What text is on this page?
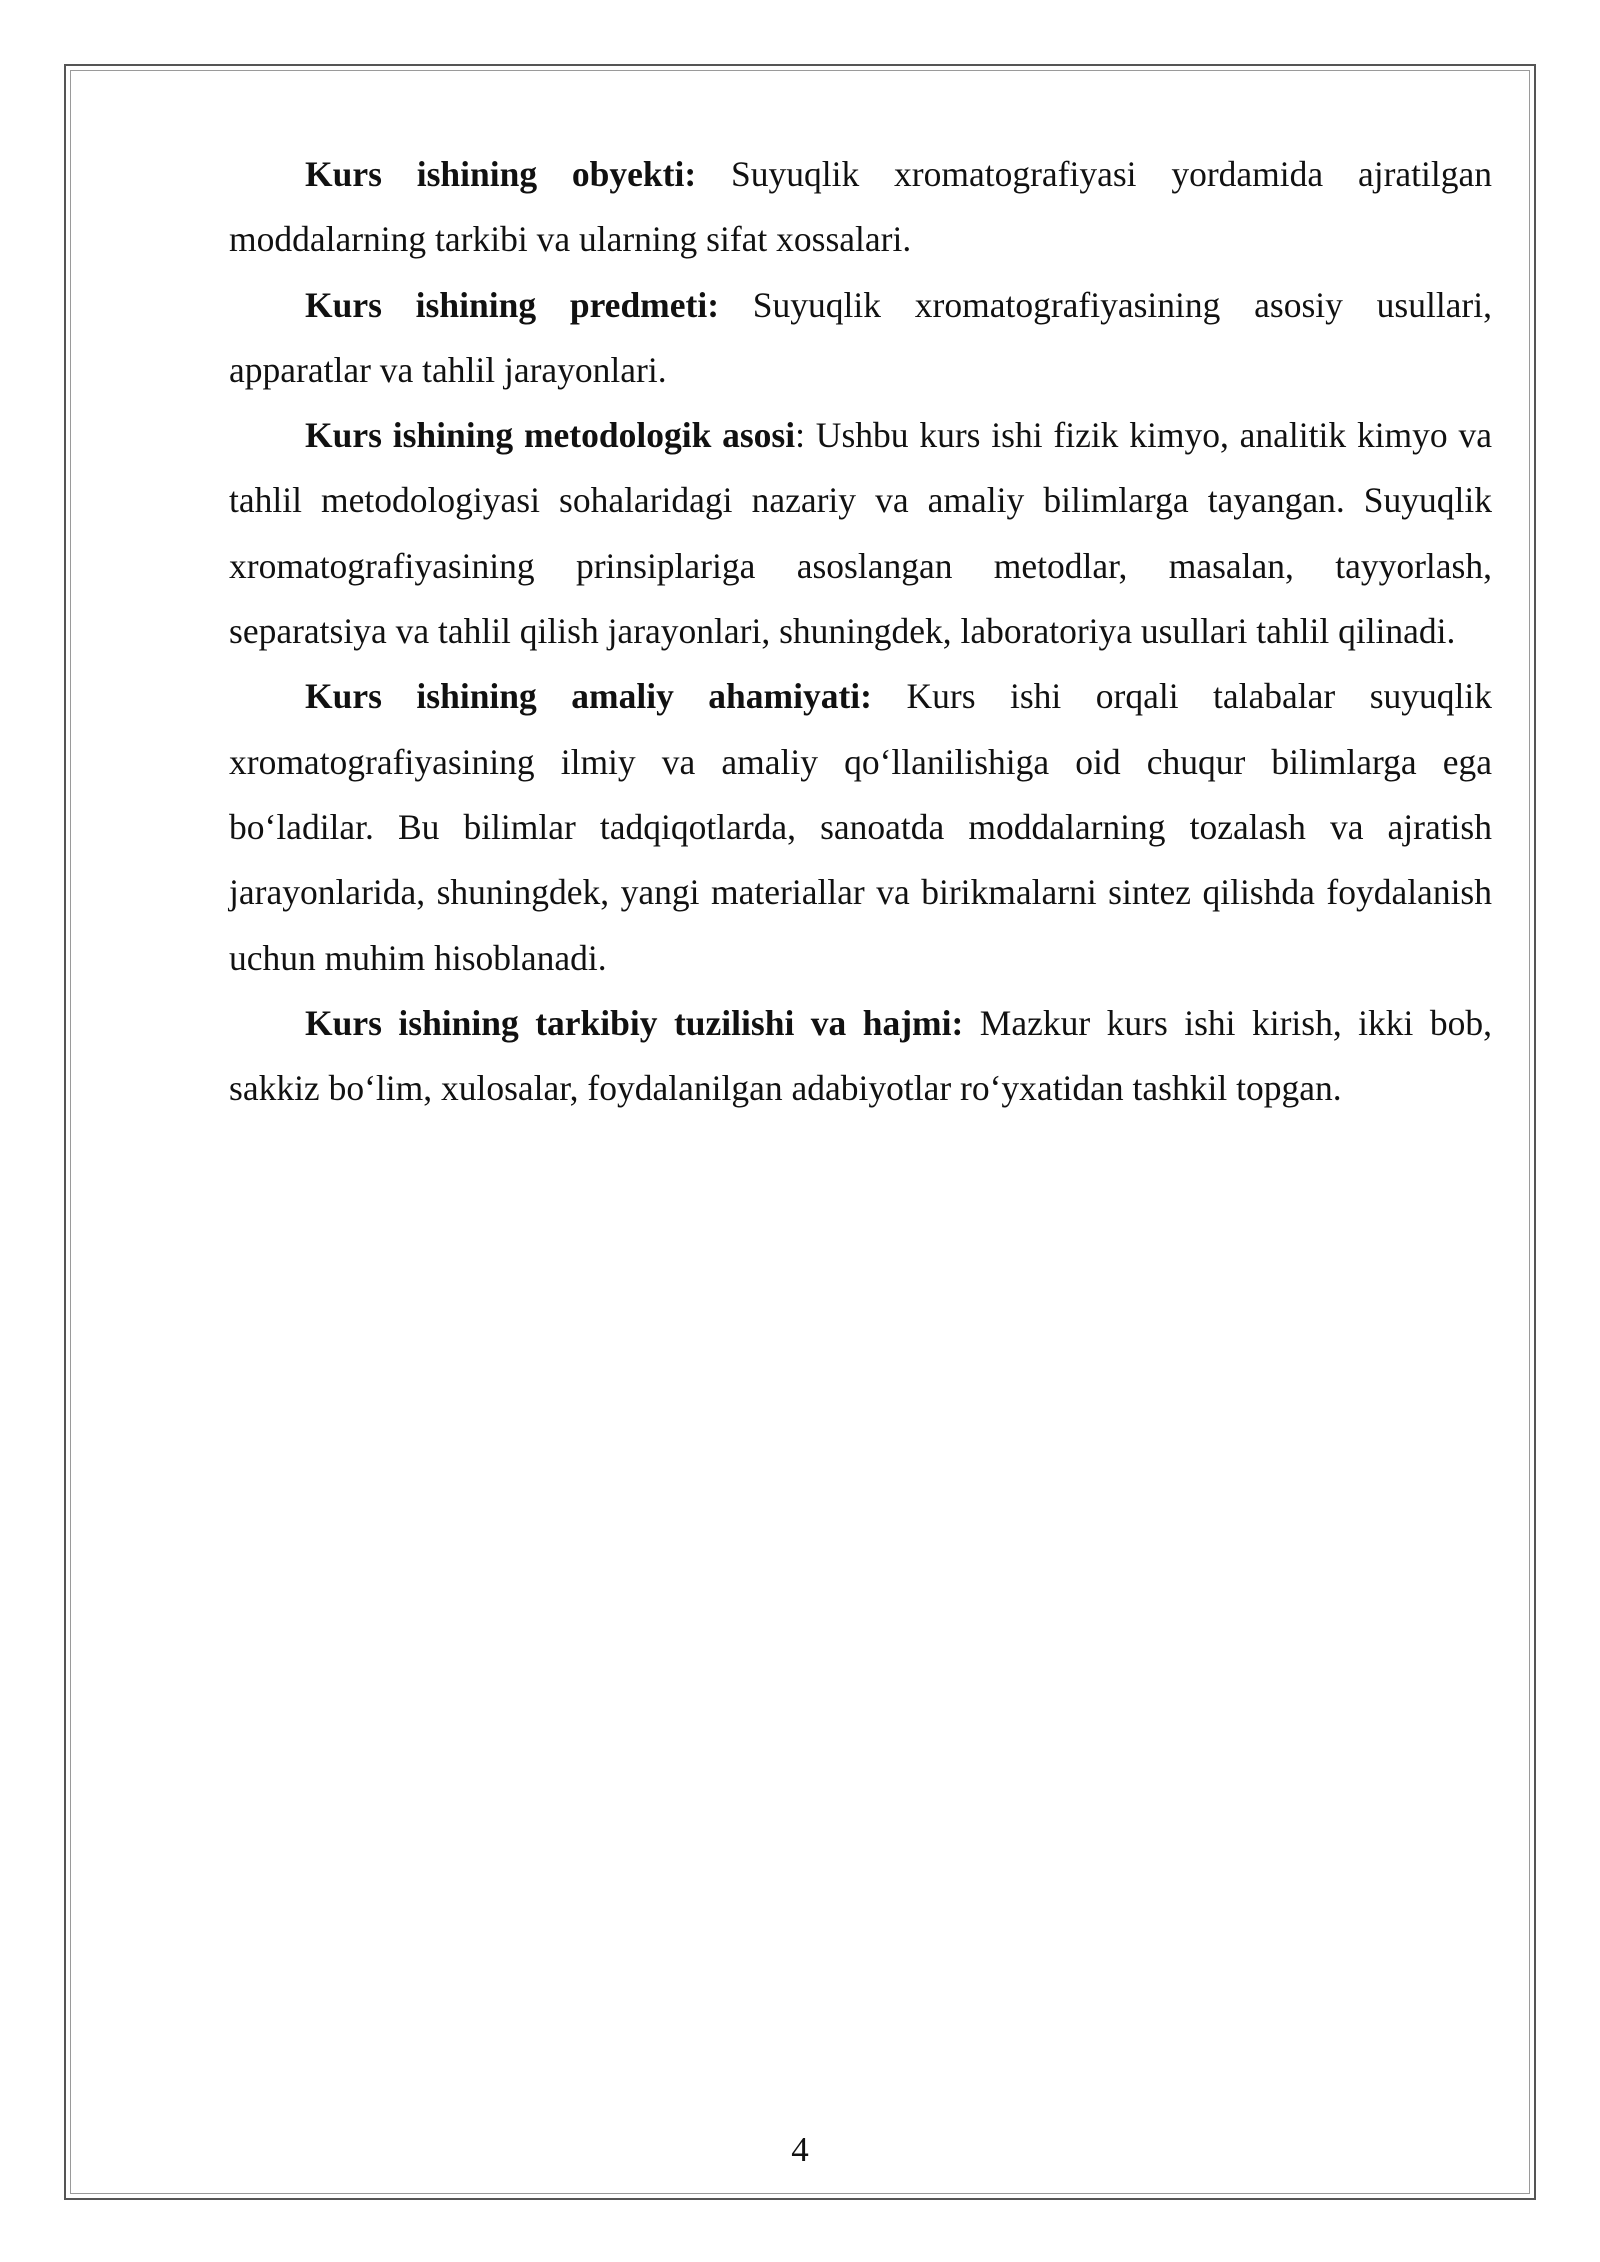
Kurs ishining obyekti: Suyuqlik xromatografiyasi yordamida ajratilgan moddalarning tarkibi va ularning sifat xossalari.

Kurs ishining predmeti: Suyuqlik xromatografiyasining asosiy usullari, apparatlar va tahlil jarayonlari.

Kurs ishining metodologik asosi: Ushbu kurs ishi fizik kimyo, analitik kimyo va tahlil metodologiyasi sohalaridagi nazariy va amaliy bilimlarga tayangan. Suyuqlik xromatografiyasining prinsiplariga asoslangan metodlar, masalan, tayyorlash, separatsiya va tahlil qilish jarayonlari, shuningdek, laboratoriya usullari tahlil qilinadi.

Kurs ishining amaliy ahamiyati: Kurs ishi orqali talabalar suyuqlik xromatografiyasining ilmiy va amaliy qo‘llanilishiga oid chuqur bilimlarga ega bo‘ladilar. Bu bilimlar tadqiqotlarda, sanoatda moddalarning tozalash va ajratish jarayonlarida, shuningdek, yangi materiallar va birikmalarni sintez qilishda foydalanish uchun muhim hisoblanadi.

Kurs ishining tarkibiy tuzilishi va hajmi: Mazkur kurs ishi kirish, ikki bob, sakkiz bo‘lim, xulosalar, foydalanilgan adabiyotlar ro‘yxatidan tashkil topgan.

4
